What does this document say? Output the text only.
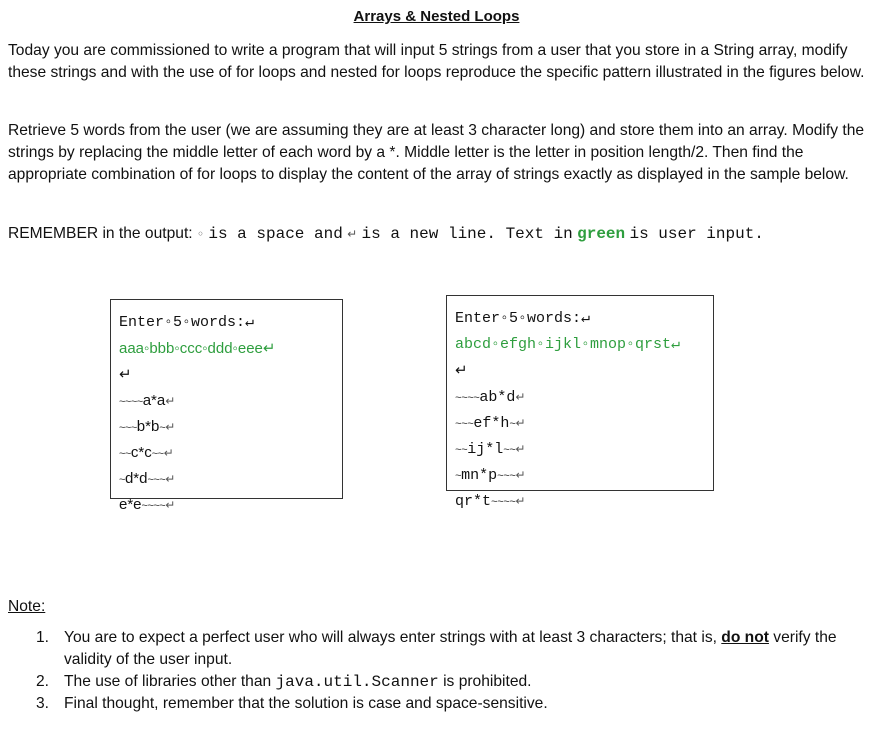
Arrays & Nested Loops

Today you are commissioned to write a program that will input 5 strings from a user that you store in a String array, modify these strings and with the use of for loops and nested for loops reproduce the specific pattern illustrated in the figures below.

Retrieve 5 words from the user (we are assuming they are at least 3 character long) and store them into an array. Modify the strings by replacing the middle letter of each word by a *. Middle letter is the letter in position length/2. Then find the appropriate combination of for loops to display the content of the array of strings exactly as displayed in the sample below.

REMEMBER in the output: ◦ is a space and ↵ is a new line. Text in green is user input.
Enter◦5◦words:↵
aaa◦bbb◦ccc◦ddd◦eee↵
↵
~~~~a*a↵
~~~b*b~↵
~~c*c~~↵
~d*d~~~↵
e*e~~~~↵
Enter◦5◦words:↵
abcd◦efgh◦ijkl◦mnop◦qrst↵
↵
~~~~ab*d↵
~~~ef*h~↵
~~ij*l~~↵
~mn*p~~~↵
qr*t~~~~↵
Note:
1. You are to expect a perfect user who will always enter strings with at least 3 characters; that is, do not verify the validity of the user input.
2. The use of libraries other than java.util.Scanner is prohibited.
3. Final thought, remember that the solution is case and space-sensitive.
